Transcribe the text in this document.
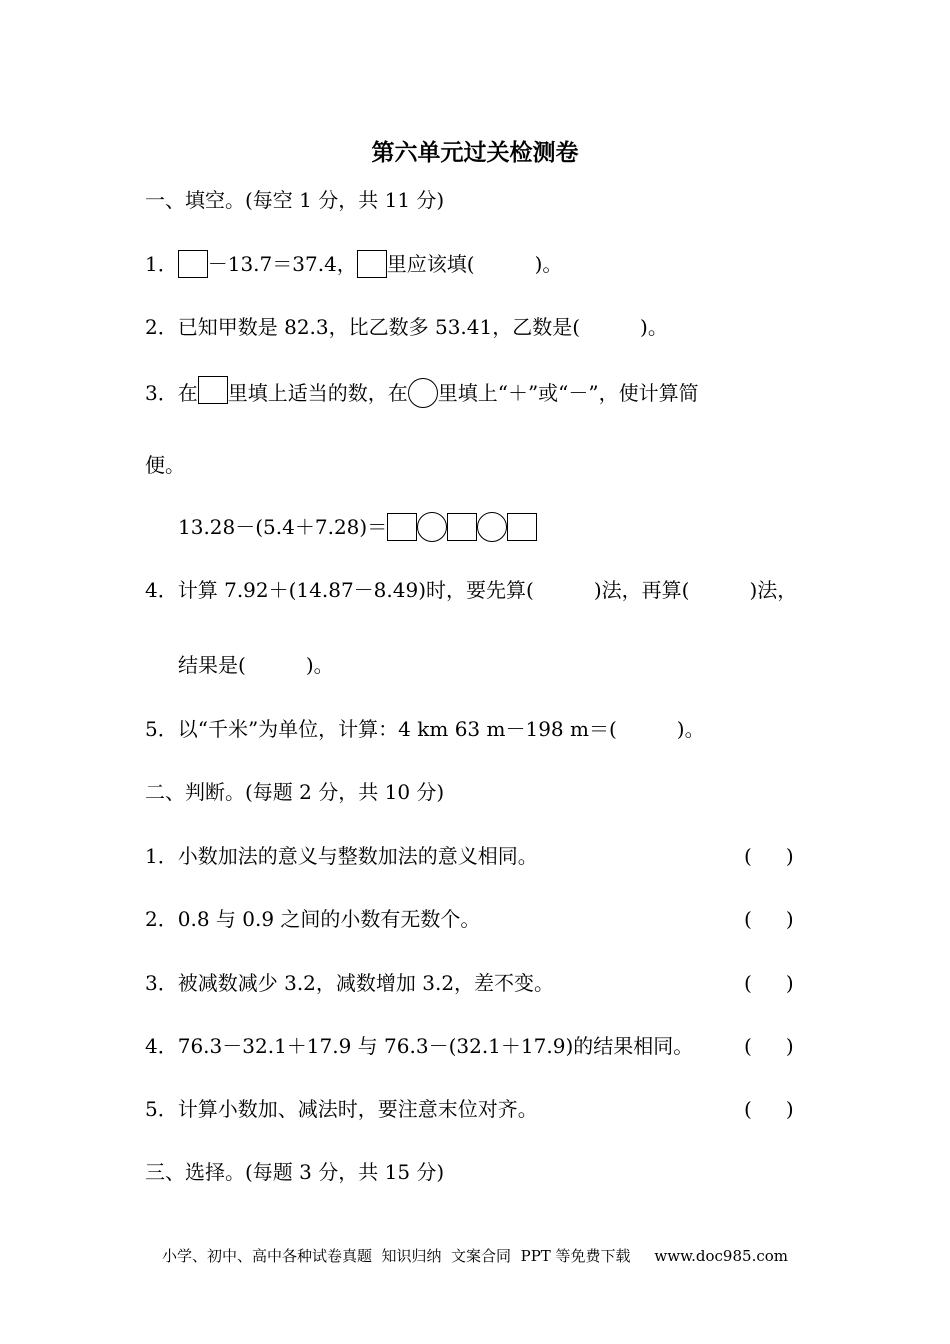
第六单元过关检测卷
一、填空。(每空 1 分，共 11 分)
1． －13.7＝37.4， 里应该填(	)。
2．已知甲数是 82.3，比乙数多 53.41，乙数是(	)。
3．在 里填上适当的数，在 里填上“＋”或“－”，使计算简
便。
13.28－(5.4＋7.28)＝
4．计算 7.92＋(14.87－8.49)时，要先算(	)法，再算(	)法，
结果是(	)。
5．以“千米”为单位，计算：4 km 63 m－198 m＝(	)。
二、判断。(每题 2 分，共 10 分)
1．小数加法的意义与整数加法的意义相同。	( )
2．0.8 与 0.9 之间的小数有无数个。	( )
3．被减数减少 3.2，减数增加 3.2，差不变。	( )
4．76.3－32.1＋17.9 与 76.3－(32.1＋17.9)的结果相同。	( )
5．计算小数加、减法时，要注意末位对齐。	( )
三、选择。(每题 3 分，共 15 分)
小学、初中、高中各种试卷真题  知识归纳  文案合同  PPT 等免费下载     www.doc985.com
